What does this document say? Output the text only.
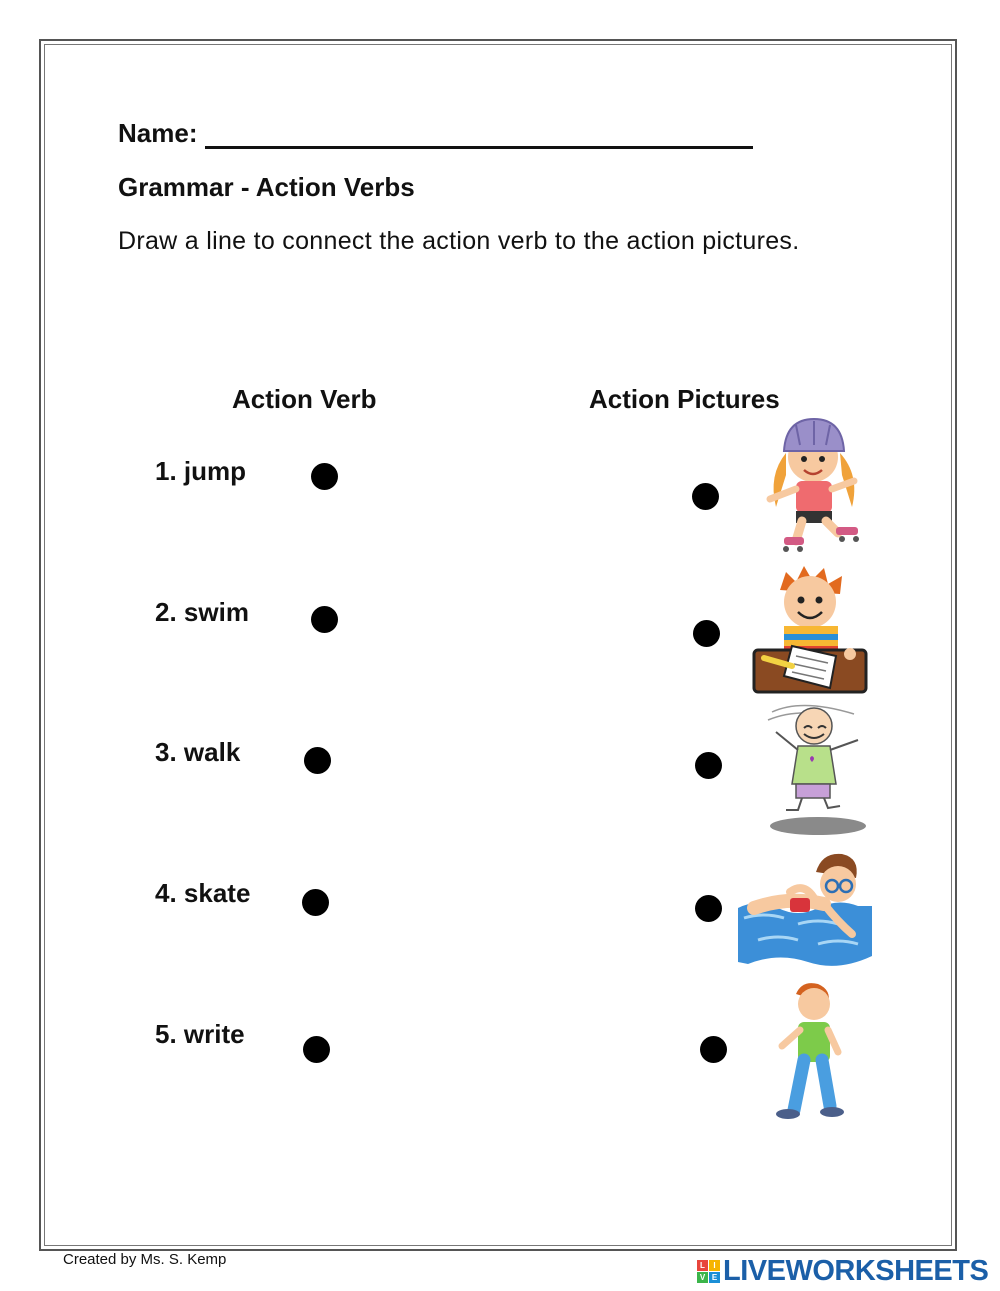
Name:
Grammar - Action Verbs
Draw a line to connect the action verb to the action pictures.
Action Verb	Action Pictures
1. jump
2. swim
3. walk
4. skate
5. write
Created by Ms. S. Kemp	L	I
V E LIVEWORKSHEETS
